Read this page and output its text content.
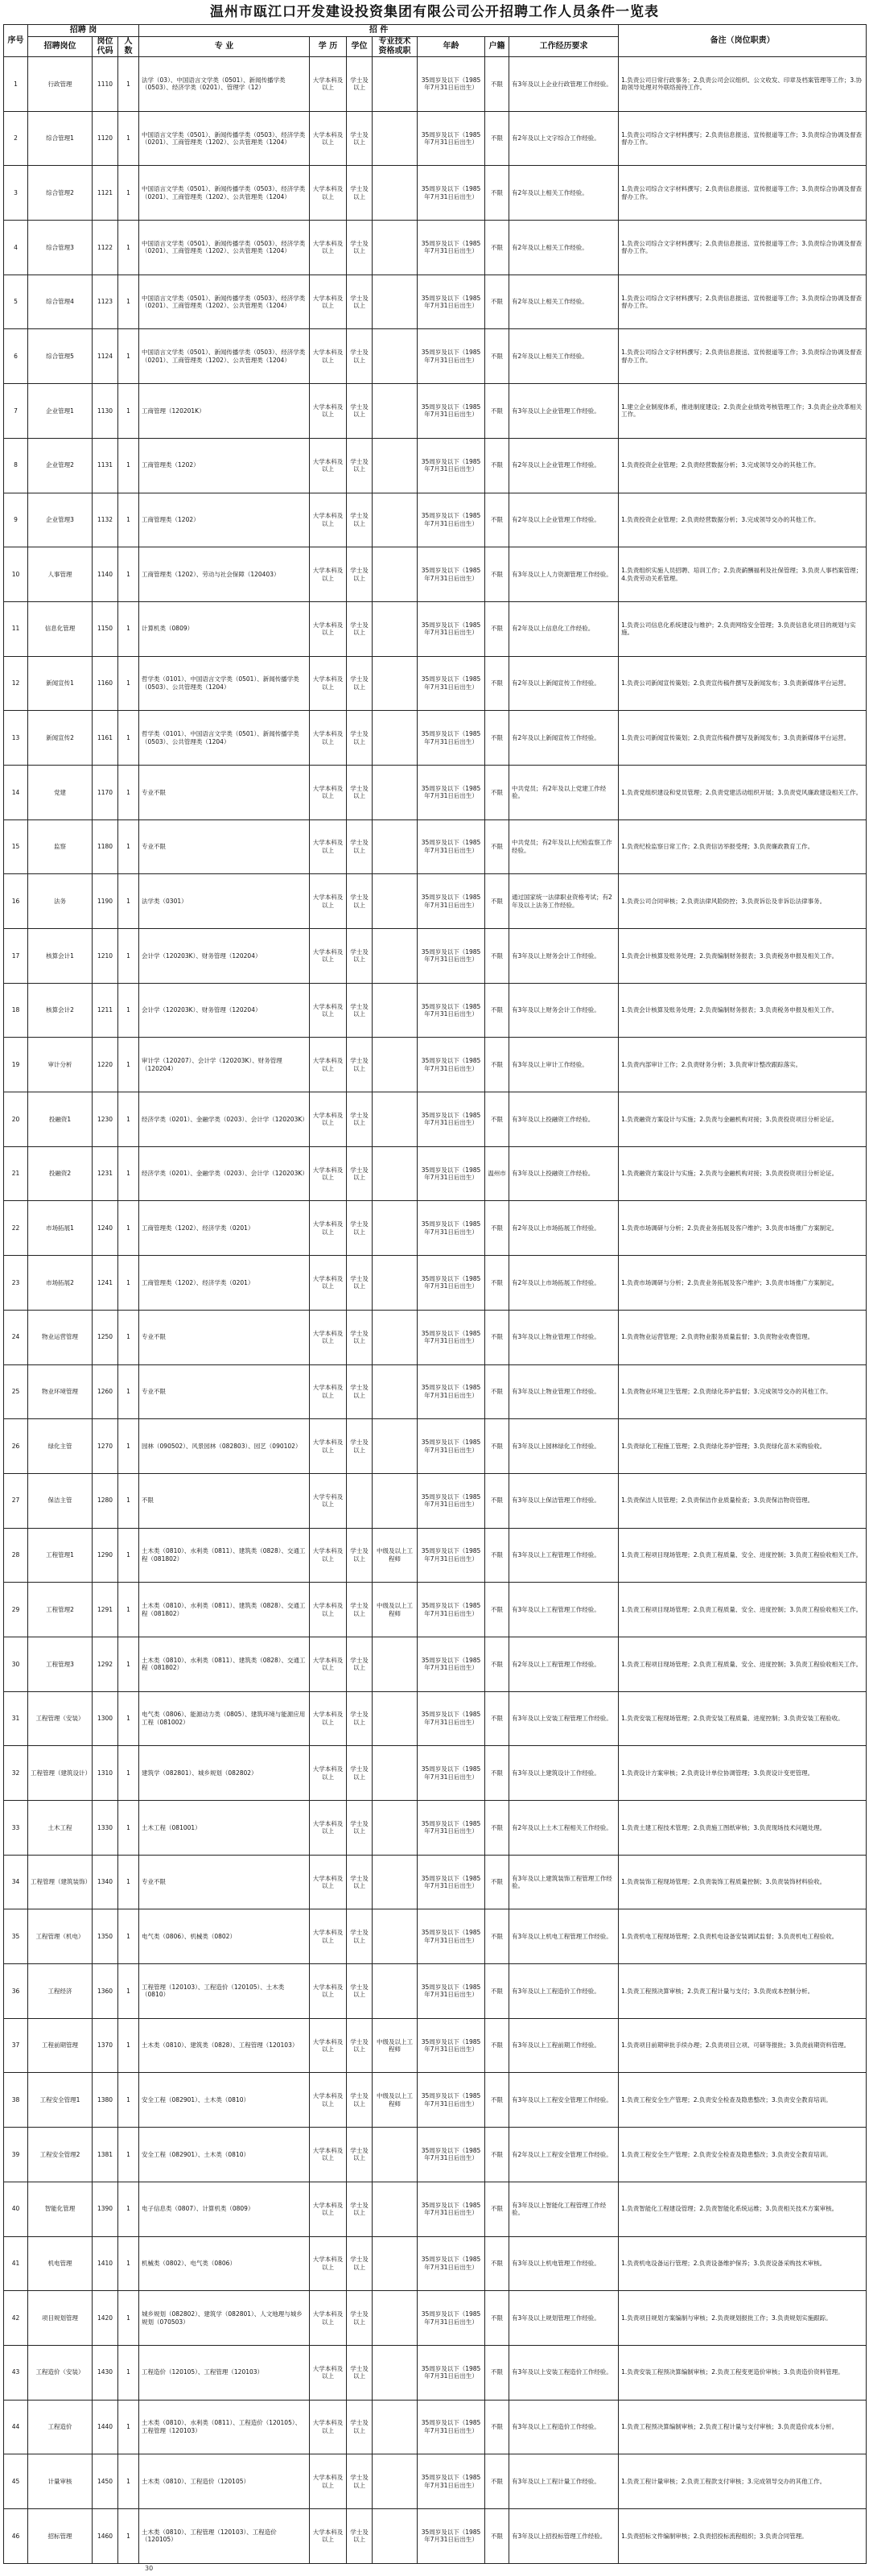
温州市瓯江口开发建设投资集团有限公司公开招聘工作人员条件一览表
序号	招聘 岗			招 件							备注（岗位职责）
	招聘岗位	岗位代码	人数	专 业	学 历	学位	专业技术资格或职	年龄	户籍	工作经历要求	
1	行政管理	1110	1	法学（03）、中国语言文学类（0501）、新闻传播学类（0503）、经济学类（0201）、管理学（12）	大学本科及以上	学士及以上		35周岁及以下（1985年7月31日后出生）	不限	有3年及以上企业行政管理工作经验。	1.负责公司日常行政事务；2.负责公司会议组织、公文收发、印章及档案管理等工作；3.协助领导处理对外联络接待工作。
2	综合管理1	1120	1	中国语言文学类（0501）、新闻传播学类（0503）、经济学类（0201）、工商管理类（1202）、公共管理类（1204）	大学本科及以上	学士及以上		35周岁及以下（1985年7月31日后出生）	不限	有2年及以上文字综合工作经验。	1.负责公司综合文字材料撰写；2.负责信息报送、宣传报道等工作；3.负责综合协调及督查督办工作。
3	综合管理2	1121	1	中国语言文学类（0501）、新闻传播学类（0503）、经济学类（0201）、工商管理类（1202）、公共管理类（1204）	大学本科及以上	学士及以上		35周岁及以下（1985年7月31日后出生）	不限	有2年及以上相关工作经验。	1.负责公司综合文字材料撰写；2.负责信息报送、宣传报道等工作；3.负责综合协调及督查督办工作。
4	综合管理3	1122	1	中国语言文学类（0501）、新闻传播学类（0503）、经济学类（0201）、工商管理类（1202）、公共管理类（1204）	大学本科及以上	学士及以上		35周岁及以下（1985年7月31日后出生）	不限	有2年及以上相关工作经验。	1.负责公司综合文字材料撰写；2.负责信息报送、宣传报道等工作；3.负责综合协调及督查督办工作。
5	综合管理4	1123	1	中国语言文学类（0501）、新闻传播学类（0503）、经济学类（0201）、工商管理类（1202）、公共管理类（1204）	大学本科及以上	学士及以上		35周岁及以下（1985年7月31日后出生）	不限	有2年及以上相关工作经验。	1.负责公司综合文字材料撰写；2.负责信息报送、宣传报道等工作；3.负责综合协调及督查督办工作。
6	综合管理5	1124	1	中国语言文学类（0501）、新闻传播学类（0503）、经济学类（0201）、工商管理类（1202）、公共管理类（1204）	大学本科及以上	学士及以上		35周岁及以下（1985年7月31日后出生）	不限	有2年及以上相关工作经验。	1.负责公司综合文字材料撰写；2.负责信息报送、宣传报道等工作；3.负责综合协调及督查督办工作。
7	企业管理1	1130	1	工商管理（120201K）	大学本科及以上	学士及以上		35周岁及以下（1985年7月31日后出生）	不限	有3年及以上企业管理工作经验。	1.建立企业制度体系，推进制度建设；2.负责企业绩效考核管理工作；3.负责企业改革相关工作。
8	企业管理2	1131	1	工商管理类（1202）	大学本科及以上	学士及以上		35周岁及以下（1985年7月31日后出生）	不限	有2年及以上企业管理工作经验。	1.负责投资企业管理；2.负责经营数据分析；3.完成领导交办的其他工作。
9	企业管理3	1132	1	工商管理类（1202）	大学本科及以上	学士及以上		35周岁及以下（1985年7月31日后出生）	不限	有2年及以上企业管理工作经验。	1.负责投资企业管理；2.负责经营数据分析；3.完成领导交办的其他工作。
10	人事管理	1140	1	工商管理类（1202）、劳动与社会保障（120403）	大学本科及以上	学士及以上		35周岁及以下（1985年7月31日后出生）	不限	有3年及以上人力资源管理工作经验。	1.负责组织实施人员招聘、培训工作；2.负责薪酬福利及社保管理；3.负责人事档案管理；4.负责劳动关系管理。
11	信息化管理	1150	1	计算机类（0809）	大学本科及以上	学士及以上		35周岁及以下（1985年7月31日后出生）	不限	有2年及以上信息化工作经验。	1.负责公司信息化系统建设与维护；2.负责网络安全管理；3.负责信息化项目的规划与实施。
12	新闻宣传1	1160	1	哲学类（0101）、中国语言文学类（0501）、新闻传播学类（0503）、公共管理类（1204）	大学本科及以上	学士及以上		35周岁及以下（1985年7月31日后出生）	不限	有2年及以上新闻宣传工作经验。	1.负责公司新闻宣传策划；2.负责宣传稿件撰写及新闻发布；3.负责新媒体平台运营。
13	新闻宣传2	1161	1	哲学类（0101）、中国语言文学类（0501）、新闻传播学类（0503）、公共管理类（1204）	大学本科及以上	学士及以上		35周岁及以下（1985年7月31日后出生）	不限	有2年及以上新闻宣传工作经验。	1.负责公司新闻宣传策划；2.负责宣传稿件撰写及新闻发布；3.负责新媒体平台运营。
14	党建	1170	1	专业不限	大学本科及以上	学士及以上		35周岁及以下（1985年7月31日后出生）	不限	中共党员；有2年及以上党建工作经验。	1.负责党组织建设和党员管理；2.负责党建活动组织开展；3.负责党风廉政建设相关工作。
15	监察	1180	1	专业不限	大学本科及以上	学士及以上		35周岁及以下（1985年7月31日后出生）	不限	中共党员；有2年及以上纪检监察工作经验。	1.负责纪检监察日常工作；2.负责信访举报受理；3.负责廉政教育工作。
16	法务	1190	1	法学类（0301）	大学本科及以上	学士及以上		35周岁及以下（1985年7月31日后出生）	不限	通过国家统一法律职业资格考试；有2年及以上法务工作经验。	1.负责公司合同审核；2.负责法律风险防控；3.负责诉讼及非诉讼法律事务。
17	核算会计1	1210	1	会计学（120203K）、财务管理（120204）	大学本科及以上	学士及以上		35周岁及以下（1985年7月31日后出生）	不限	有3年及以上财务会计工作经验。	1.负责会计核算及账务处理；2.负责编制财务报表；3.负责税务申报及相关工作。
18	核算会计2	1211	1	会计学（120203K）、财务管理（120204）	大学本科及以上	学士及以上		35周岁及以下（1985年7月31日后出生）	不限	有3年及以上财务会计工作经验。	1.负责会计核算及账务处理；2.负责编制财务报表；3.负责税务申报及相关工作。
19	审计分析	1220	1	审计学（120207）、会计学（120203K）、财务管理（120204）	大学本科及以上	学士及以上		35周岁及以下（1985年7月31日后出生）	不限	有3年及以上审计工作经验。	1.负责内部审计工作；2.负责财务分析；3.负责审计整改跟踪落实。
20	投融资1	1230	1	经济学类（0201）、金融学类（0203）、会计学（120203K）	大学本科及以上	学士及以上		35周岁及以下（1985年7月31日后出生）	不限	有3年及以上投融资工作经验。	1.负责融资方案设计与实施；2.负责与金融机构对接；3.负责投资项目分析论证。
21	投融资2	1231	1	经济学类（0201）、金融学类（0203）、会计学（120203K）	大学本科及以上	学士及以上		35周岁及以下（1985年7月31日后出生）	温州市	有3年及以上投融资工作经验。	1.负责融资方案设计与实施；2.负责与金融机构对接；3.负责投资项目分析论证。
22	市场拓展1	1240	1	工商管理类（1202）、经济学类（0201）	大学本科及以上	学士及以上		35周岁及以下（1985年7月31日后出生）	不限	有2年及以上市场拓展工作经验。	1.负责市场调研与分析；2.负责业务拓展及客户维护；3.负责市场推广方案制定。
23	市场拓展2	1241	1	工商管理类（1202）、经济学类（0201）	大学本科及以上	学士及以上		35周岁及以下（1985年7月31日后出生）	不限	有2年及以上市场拓展工作经验。	1.负责市场调研与分析；2.负责业务拓展及客户维护；3.负责市场推广方案制定。
24	物业运营管理	1250	1	专业不限	大学本科及以上	学士及以上		35周岁及以下（1985年7月31日后出生）	不限	有3年及以上物业管理工作经验。	1.负责物业运营管理；2.负责物业服务质量监督；3.负责物业收费管理。
25	物业环境管理	1260	1	专业不限	大学本科及以上	学士及以上		35周岁及以下（1985年7月31日后出生）	不限	有3年及以上物业管理工作经验。	1.负责物业环境卫生管理；2.负责绿化养护监督；3.完成领导交办的其他工作。
26	绿化主管	1270	1	园林（090502）、风景园林（082803）、园艺（090102）	大学本科及以上	学士及以上		35周岁及以下（1985年7月31日后出生）	不限	有3年及以上园林绿化工作经验。	1.负责绿化工程施工管理；2.负责绿化养护管理；3.负责绿化苗木采购验收。
27	保洁主管	1280	1	不限	大学专科及以上			35周岁及以下（1985年7月31日后出生）	不限	有3年及以上保洁管理工作经验。	1.负责保洁人员管理；2.负责保洁作业质量检查；3.负责保洁物资管理。
28	工程管理1	1290	1	土木类（0810）、水利类（0811）、建筑类（0828）、交通工程（081802）	大学本科及以上	学士及以上	中级及以上工程师	35周岁及以下（1985年7月31日后出生）	不限	有3年及以上工程管理工作经验。	1.负责工程项目现场管理；2.负责工程质量、安全、进度控制；3.负责工程验收相关工作。
29	工程管理2	1291	1	土木类（0810）、水利类（0811）、建筑类（0828）、交通工程（081802）	大学本科及以上	学士及以上	中级及以上工程师	35周岁及以下（1985年7月31日后出生）	不限	有3年及以上工程管理工作经验。	1.负责工程项目现场管理；2.负责工程质量、安全、进度控制；3.负责工程验收相关工作。
30	工程管理3	1292	1	土木类（0810）、水利类（0811）、建筑类（0828）、交通工程（081802）	大学本科及以上	学士及以上		35周岁及以下（1985年7月31日后出生）	不限	有2年及以上工程管理工作经验。	1.负责工程项目现场管理；2.负责工程质量、安全、进度控制；3.负责工程验收相关工作。
31	工程管理（安装）	1300	1	电气类（0806）、能源动力类（0805）、建筑环境与能源应用工程（081002）	大学本科及以上	学士及以上		35周岁及以下（1985年7月31日后出生）	不限	有3年及以上安装工程管理工作经验。	1.负责安装工程现场管理；2.负责安装工程质量、进度控制；3.负责安装工程验收。
32	工程管理（建筑设计）	1310	1	建筑学（082801）、城乡规划（082802）	大学本科及以上	学士及以上		35周岁及以下（1985年7月31日后出生）	不限	有3年及以上建筑设计工作经验。	1.负责设计方案审核；2.负责设计单位协调管理；3.负责设计变更管理。
33	土木工程	1330	1	土木工程（081001）	大学本科及以上	学士及以上		35周岁及以下（1985年7月31日后出生）	不限	有2年及以上土木工程相关工作经验。	1.负责土建工程技术管理；2.负责施工图纸审核；3.负责现场技术问题处理。
34	工程管理（建筑装饰）	1340	1	专业不限	大学本科及以上	学士及以上		35周岁及以下（1985年7月31日后出生）	不限	有3年及以上建筑装饰工程管理工作经验。	1.负责装饰工程现场管理；2.负责装饰工程质量控制；3.负责装饰材料验收。
35	工程管理（机电）	1350	1	电气类（0806）、机械类（0802）	大学本科及以上	学士及以上		35周岁及以下（1985年7月31日后出生）	不限	有3年及以上机电工程管理工作经验。	1.负责机电工程现场管理；2.负责机电设备安装调试监督；3.负责机电工程验收。
36	工程经济	1360	1	工程管理（120103）、工程造价（120105）、土木类（0810）	大学本科及以上	学士及以上		35周岁及以下（1985年7月31日后出生）	不限	有3年及以上工程造价工作经验。	1.负责工程预决算审核；2.负责工程计量与支付；3.负责成本控制分析。
37	工程前期管理	1370	1	土木类（0810）、建筑类（0828）、工程管理（120103）	大学本科及以上	学士及以上	中级及以上工程师	35周岁及以下（1985年7月31日后出生）	不限	有3年及以上工程前期工作经验。	1.负责项目前期审批手续办理；2.负责项目立项、可研等报批；3.负责前期资料管理。
38	工程安全管理1	1380	1	安全工程（082901）、土木类（0810）	大学本科及以上	学士及以上	中级及以上工程师	35周岁及以下（1985年7月31日后出生）	不限	有3年及以上工程安全管理工作经验。	1.负责工程安全生产管理；2.负责安全检查及隐患整改；3.负责安全教育培训。
39	工程安全管理2	1381	1	安全工程（082901）、土木类（0810）	大学本科及以上	学士及以上		35周岁及以下（1985年7月31日后出生）	不限	有2年及以上工程安全管理工作经验。	1.负责工程安全生产管理；2.负责安全检查及隐患整改；3.负责安全教育培训。
40	智能化管理	1390	1	电子信息类（0807）、计算机类（0809）	大学本科及以上	学士及以上		35周岁及以下（1985年7月31日后出生）	不限	有3年及以上智能化工程管理工作经验。	1.负责智能化工程建设管理；2.负责智能化系统运维；3.负责相关技术方案审核。
41	机电管理	1410	1	机械类（0802）、电气类（0806）	大学本科及以上	学士及以上		35周岁及以下（1985年7月31日后出生）	不限	有3年及以上机电管理工作经验。	1.负责机电设备运行管理；2.负责设备维护保养；3.负责设备采购技术审核。
42	项目规划管理	1420	1	城乡规划（082802）、建筑学（082801）、人文地理与城乡规划（070503）	大学本科及以上	学士及以上		35周岁及以下（1985年7月31日后出生）	不限	有3年及以上规划管理工作经验。	1.负责项目规划方案编制与审核；2.负责规划报批工作；3.负责规划实施跟踪。
43	工程造价（安装）	1430	1	工程造价（120105）、工程管理（120103）	大学本科及以上	学士及以上		35周岁及以下（1985年7月31日后出生）	不限	有3年及以上安装工程造价工作经验。	1.负责安装工程预决算编制审核；2.负责工程变更造价审核；3.负责造价资料管理。
44	工程造价	1440	1	土木类（0810）、水利类（0811）、工程造价（120105）、工程管理（120103）	大学本科及以上	学士及以上		35周岁及以下（1985年7月31日后出生）	不限	有3年及以上工程造价工作经验。	1.负责工程预决算编制审核；2.负责工程计量与支付审核；3.负责造价成本分析。
45	计量审核	1450	1	土木类（0810）、工程造价（120105）	大学本科及以上	学士及以上		35周岁及以下（1985年7月31日后出生）	不限	有3年及以上工程计量工作经验。	1.负责工程计量审核；2.负责工程款支付审核；3.完成领导交办的其他工作。
46	招标管理	1460	1	土木类（0810）、工程管理（120103）、工程造价（120105）	大学本科及以上	学士及以上		35周岁及以下（1985年7月31日后出生）	不限	有3年及以上招投标管理工作经验。	1.负责招标文件编制审核；2.负责招投标流程组织；3.负责合同管理。
30
